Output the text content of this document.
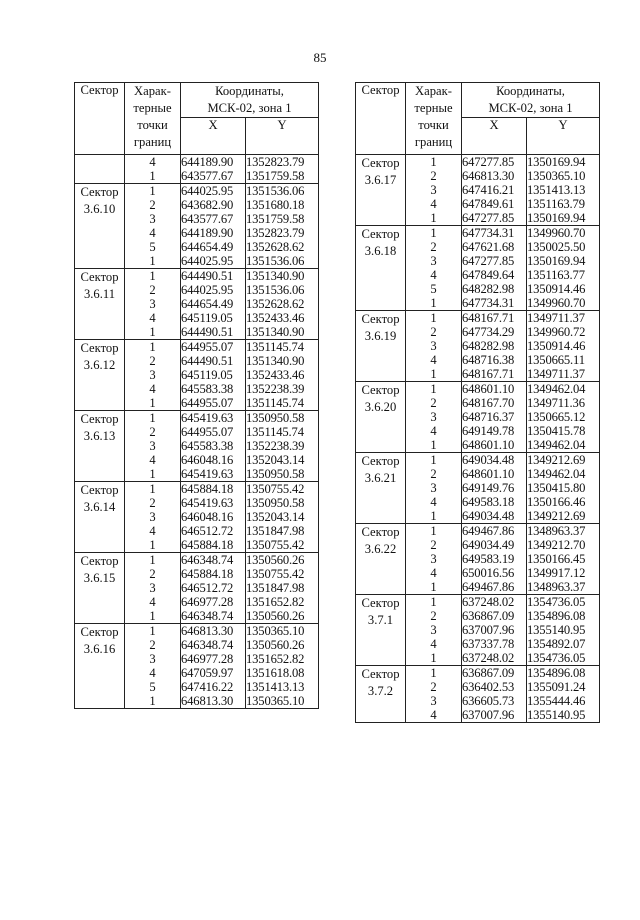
85
Сектор	Харак-
терные
точки
границ	Координаты,
МСК-02, зона 1	
		X	Y
	4	644189.90	1352823.79
	1	643577.67	1351759.58
Сектор
3.6.10	1	644025.95	1351536.06
	2	643682.90	1351680.18
	3	643577.67	1351759.58
	4	644189.90	1352823.79
	5	644654.49	1352628.62
	1	644025.95	1351536.06
Сектор
3.6.11	1	644490.51	1351340.90
	2	644025.95	1351536.06
	3	644654.49	1352628.62
	4	645119.05	1352433.46
	1	644490.51	1351340.90
Сектор
3.6.12	1	644955.07	1351145.74
	2	644490.51	1351340.90
	3	645119.05	1352433.46
	4	645583.38	1352238.39
	1	644955.07	1351145.74
Сектор
3.6.13	1	645419.63	1350950.58
	2	644955.07	1351145.74
	3	645583.38	1352238.39
	4	646048.16	1352043.14
	1	645419.63	1350950.58
Сектор
3.6.14	1	645884.18	1350755.42
	2	645419.63	1350950.58
	3	646048.16	1352043.14
	4	646512.72	1351847.98
	1	645884.18	1350755.42
Сектор
3.6.15	1	646348.74	1350560.26
	2	645884.18	1350755.42
	3	646512.72	1351847.98
	4	646977.28	1351652.82
	1	646348.74	1350560.26
Сектор
3.6.16	1	646813.30	1350365.10
	2	646348.74	1350560.26
	3	646977.28	1351652.82
	4	647059.97	1351618.08
	5	647416.22	1351413.13
	1	646813.30	1350365.10
Сектор	Харак-
терные
точки
границ	Координаты,
МСК-02, зона 1	
		X	Y
Сектор
3.6.17	1	647277.85	1350169.94
	2	646813.30	1350365.10
	3	647416.21	1351413.13
	4	647849.61	1351163.79
	1	647277.85	1350169.94
Сектор
3.6.18	1	647734.31	1349960.70
	2	647621.68	1350025.50
	3	647277.85	1350169.94
	4	647849.64	1351163.77
	5	648282.98	1350914.46
	1	647734.31	1349960.70
Сектор
3.6.19	1	648167.71	1349711.37
	2	647734.29	1349960.72
	3	648282.98	1350914.46
	4	648716.38	1350665.11
	1	648167.71	1349711.37
Сектор
3.6.20	1	648601.10	1349462.04
	2	648167.70	1349711.36
	3	648716.37	1350665.12
	4	649149.78	1350415.78
	1	648601.10	1349462.04
Сектор
3.6.21	1	649034.48	1349212.69
	2	648601.10	1349462.04
	3	649149.76	1350415.80
	4	649583.18	1350166.46
	1	649034.48	1349212.69
Сектор
3.6.22	1	649467.86	1348963.37
	2	649034.49	1349212.70
	3	649583.19	1350166.45
	4	650016.56	1349917.12
	1	649467.86	1348963.37
Сектор
3.7.1	1	637248.02	1354736.05
	2	636867.09	1354896.08
	3	637007.96	1355140.95
	4	637337.78	1354892.07
	1	637248.02	1354736.05
Сектор
3.7.2	1	636867.09	1354896.08
	2	636402.53	1355091.24
	3	636605.73	1355444.46
	4	637007.96	1355140.95
